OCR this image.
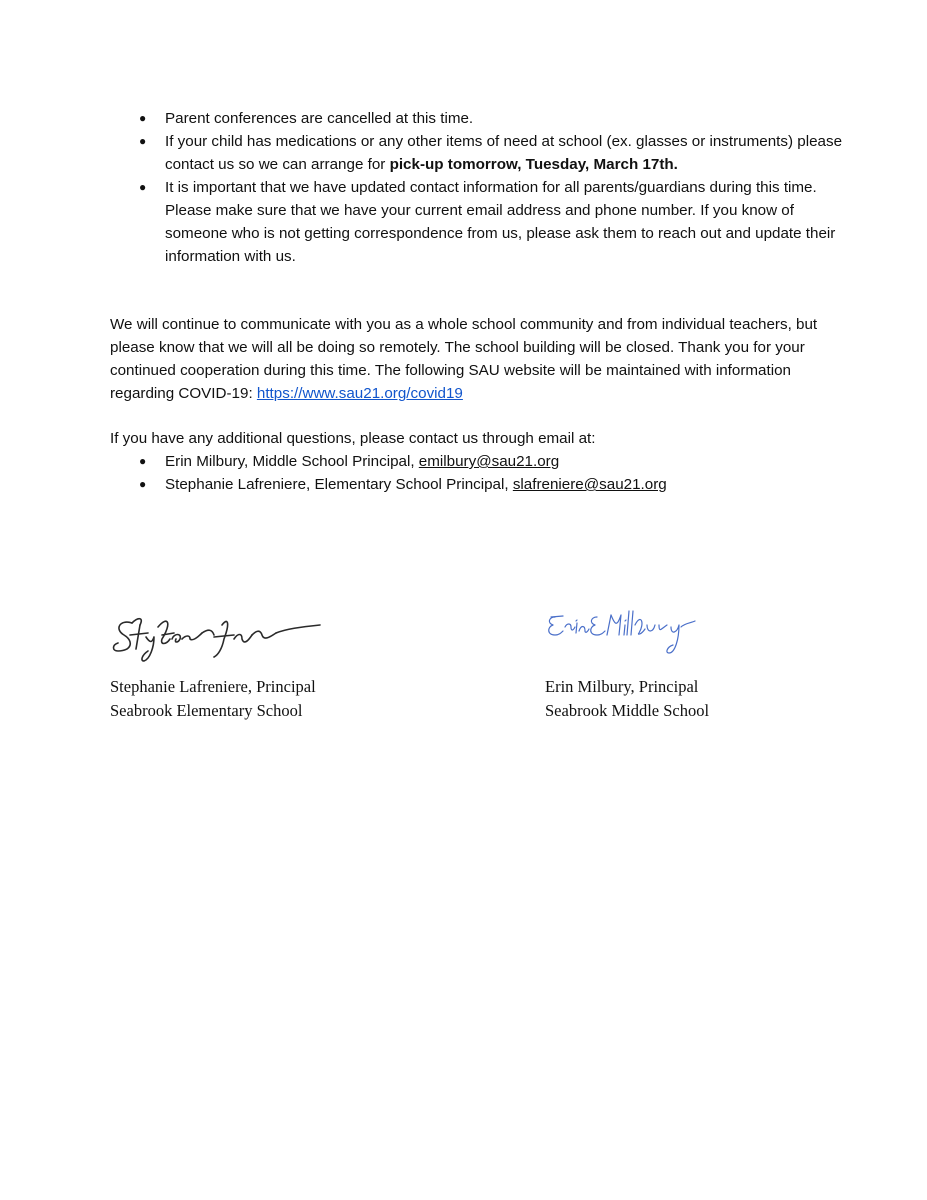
● Parent conferences are cancelled at this time.
● If your child has medications or any other items of need at school (ex. glasses or instruments) please contact us so we can arrange for pick-up tomorrow, Tuesday, March 17th.
● It is important that we have updated contact information for all parents/guardians during this time. Please make sure that we have your current email address and phone number. If you know of someone who is not getting correspondence from us, please ask them to reach out and update their information with us.

We will continue to communicate with you as a whole school community and from individual teachers, but please know that we will all be doing so remotely. The school building will be closed. Thank you for your continued cooperation during this time. The following SAU website will be maintained with information regarding COVID-19: https://www.sau21.org/covid19

If you have any additional questions, please contact us through email at:

● Erin Milbury, Middle School Principal, emilbury@sau21.org
● Stephanie Lafreniere, Elementary School Principal, slafreniere@sau21.org
Erin E Milbury
Stephanie Lafreniere, Principal
Seabrook Elementary School
Erin Milbury, Principal
Seabrook Middle School
